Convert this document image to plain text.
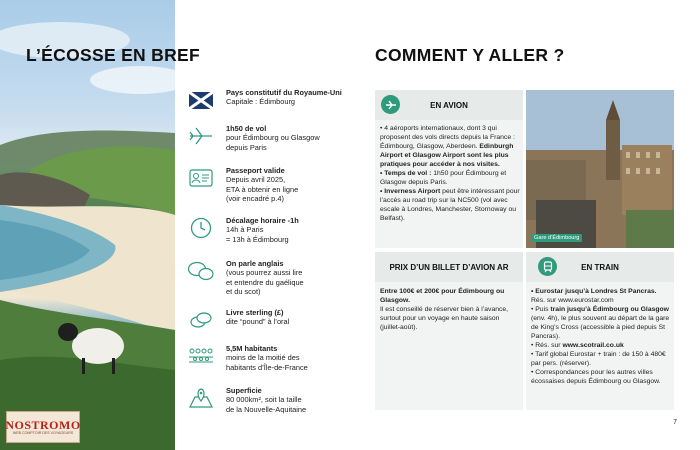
NOSTROMO
WEB COMPTOIR DES VOYAGEURS
L’ÉCOSSE EN BREF	COMMENT Y ALLER ?
Pays constitutif du Royaume-Uni
Capitale : Édimbourg
1h50 de vol
pour Édimbourg ou Glasgow
depuis Paris
Passeport valide
Depuis avril 2025,
ETA à obtenir en ligne
(voir encadré p.4)
Décalage horaire -1h
14h à Paris
= 13h à Édimbourg
On parle anglais
(vous pourrez aussi lire
et entendre du gaélique
et du scot)
Livre sterling (£)
dite “pound” à l’oral
5,5M habitants
moins de la moitié des
habitants d’Île-de-France
Superficie
80 000km², soit la taille
de la Nouvelle-Aquitaine
EN AVION
• 4 aéroports internationaux, dont 3 qui proposent des vols directs depuis la France : Édimbourg, Glasgow, Aberdeen. Edinburgh Airport et Glasgow Airport sont les plus pratiques pour accéder à nos visites.
• Temps de vol : 1h50 pour Édimbourg et Glasgow depuis Paris.
• Inverness Airport peut être intéressant pour l’accès au road trip sur la NC500 (vol avec escale à Londres, Manchester, Stornoway ou Belfast).
Gare d’Édimbourg
PRIX D’UN BILLET D’AVION AR
Entre 100€ et 200€ pour Édimbourg ou Glasgow.
Il est conseillé de réserver bien à l’avance, surtout pour un voyage en haute saison (juillet-août).
EN TRAIN
• Eurostar jusqu’à Londres St Pancras. Rés. sur www.eurostar.com
• Puis train jusqu’à Édimbourg ou Glasgow (env. 4h), le plus souvent au départ de la gare de King’s Cross (accessible à pied depuis St Pancras).
• Rés. sur www.scotrail.co.uk
• Tarif global Eurostar + train : de 150 à 480€ par pers. (réserver).
• Correspondances pour les autres villes écossaises depuis Édimbourg ou Glasgow.
7
